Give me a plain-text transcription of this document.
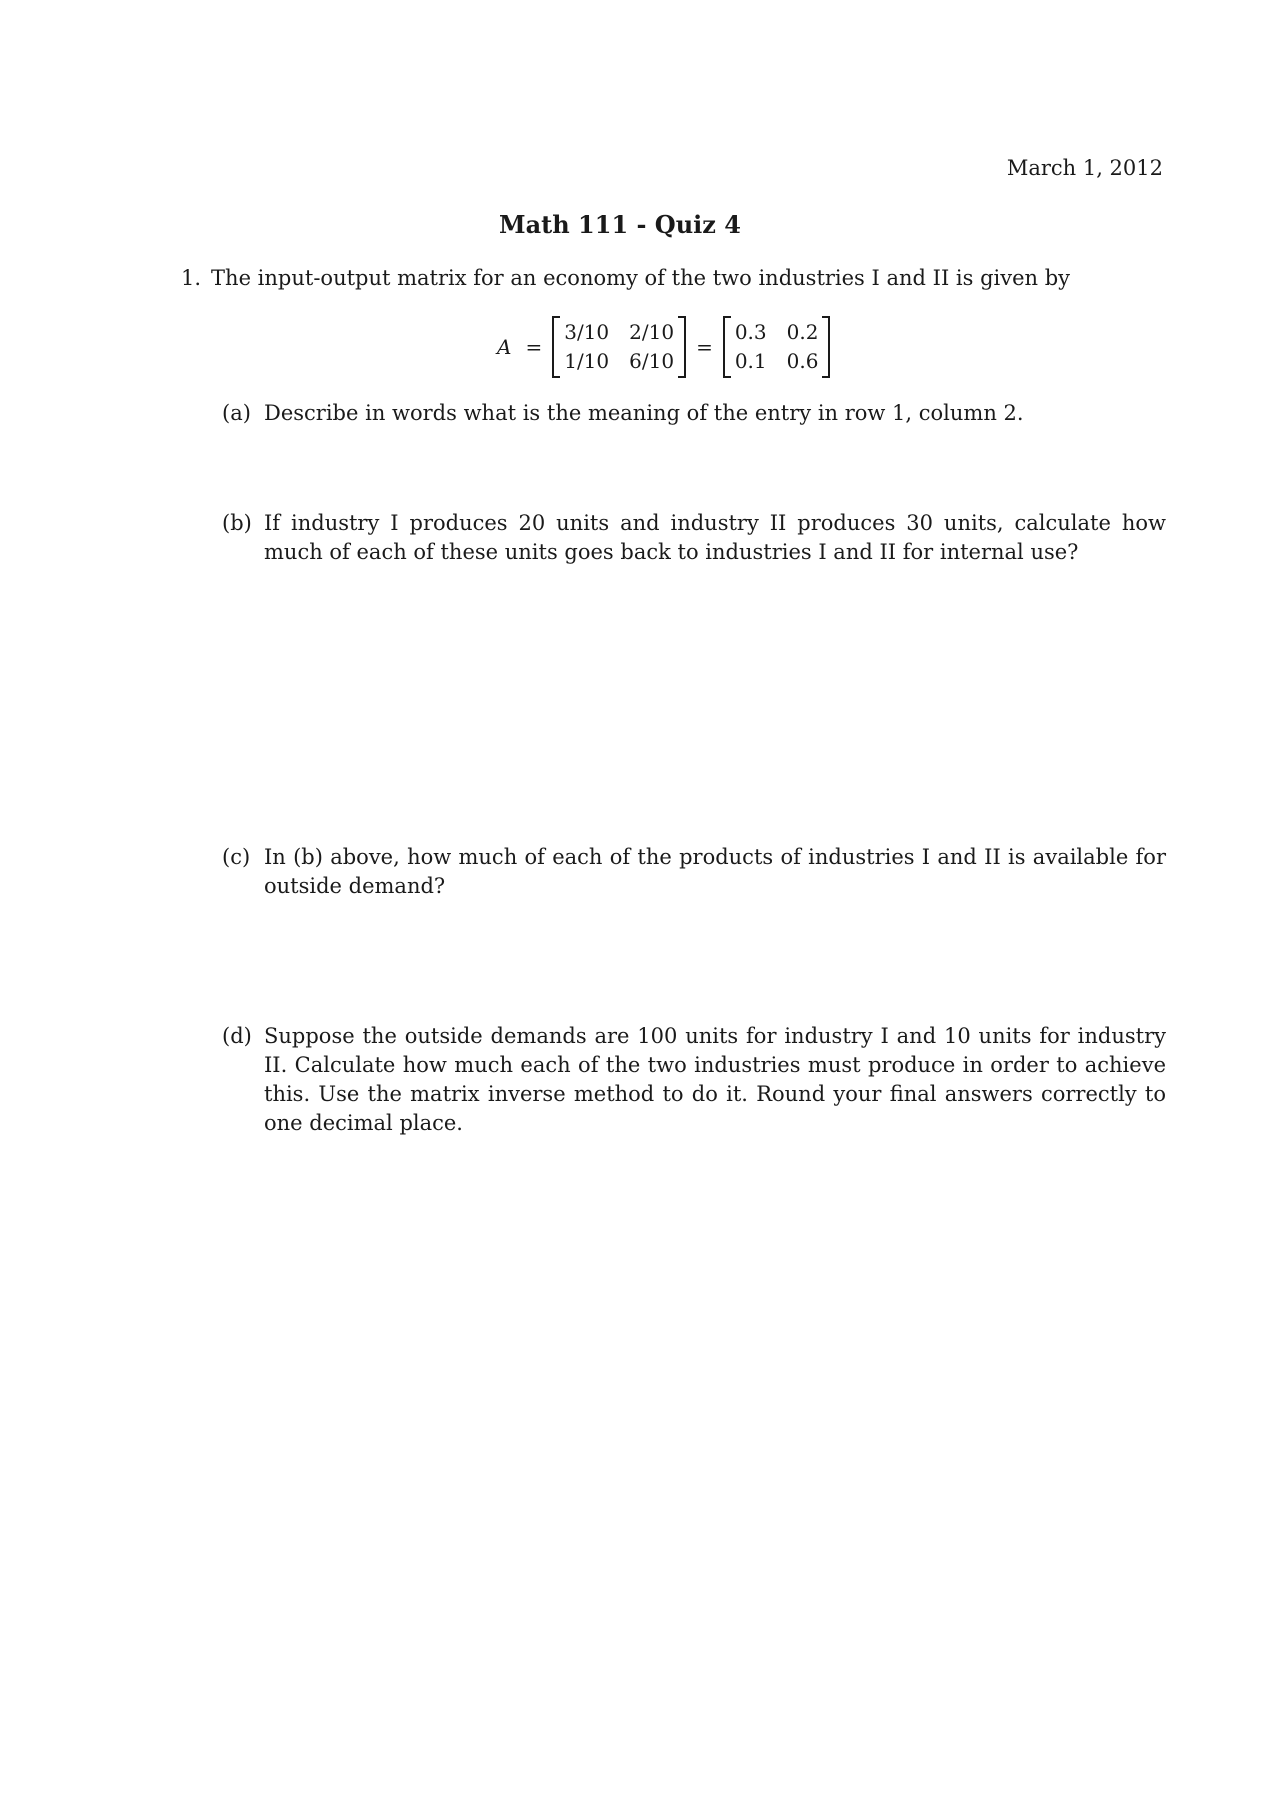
March 1, 2012
Math 111 - Quiz 4
1. The input-output matrix for an economy of the two industries I and II is given by
A =
3/10 2/10
1/10 6/10
=
0.3 0.2
0.1 0.6
(a) Describe in words what is the meaning of the entry in row 1, column 2.
(b) If industry I produces 20 units and industry II produces 30 units, calculate how much of each of these units goes back to industries I and II for internal use?
(c) In (b) above, how much of each of the products of industries I and II is available for outside demand?
(d) Suppose the outside demands are 100 units for industry I and 10 units for industry II. Calculate how much each of the two industries must produce in order to achieve this. Use the matrix inverse method to do it. Round your final answers correctly to one decimal place.
